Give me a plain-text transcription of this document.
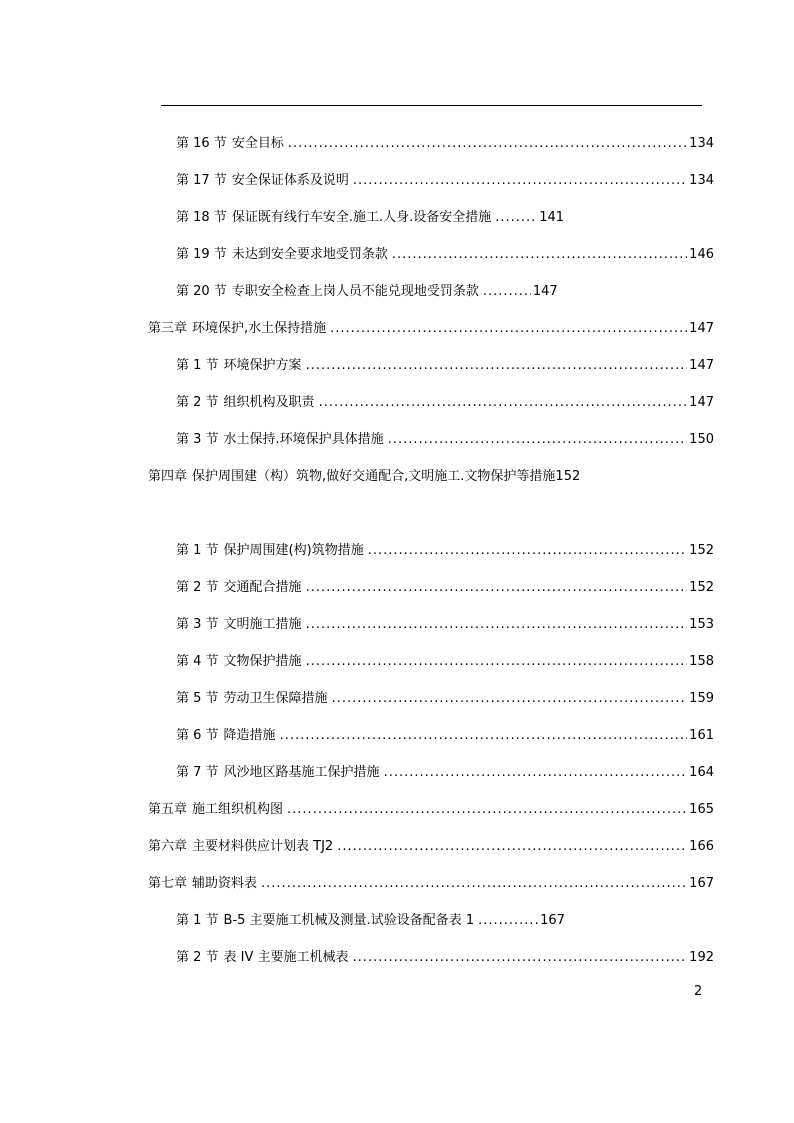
第 16 节 安全目标 .....	134
第 17 节 安全保证体系及说明 .....	134
第 18 节 保证既有线行车安全.施工.人身.设备安全措施 .....	141
第 19 节 未达到安全要求地受罚条款 .....	146
第 20 节 专职安全检查上岗人员不能兑现地受罚条款 .....	147
第三章 环境保护,水土保持措施 .....	147
第 1 节 环境保护方案 .....	147
第 2 节 组织机构及职责 .....	147
第 3 节 水土保持.环境保护具体措施 .....	150
第四章 保护周围建（构）筑物,做好交通配合,文明施工.文物保护等措施 152
第 1 节 保护周围建(构)筑物措施 .....	152
第 2 节 交通配合措施 .....	152
第 3 节 文明施工措施 .....	153
第 4 节 文物保护措施 .....	158
第 5 节 劳动卫生保障措施 .....	159
第 6 节 降造措施 .....	161
第 7 节 风沙地区路基施工保护措施 .....	164
第五章 施工组织机构图 .....	165
第六章 主要材料供应计划表 TJ2 .....	166
第七章 辅助资料表 .....	167
第 1 节 B-5 主要施工机械及测量.试验设备配备表 1 .....	167
第 2 节 表 IV 主要施工机械表 .....	192
2
